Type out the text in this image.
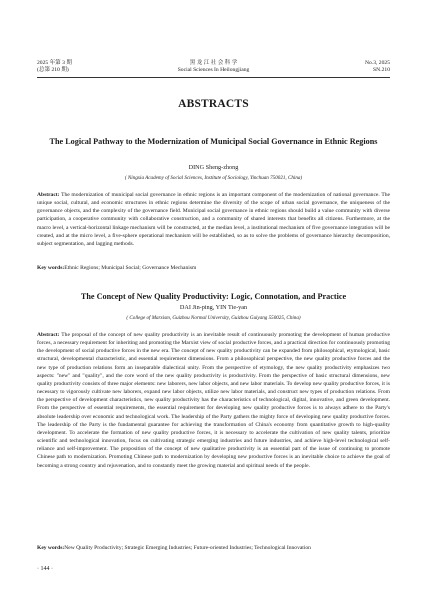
2025 年第 3 期
(总第 210 期)
黑 龙 江 社 会 科 学
Social Sciences In Heilongjiang
No.3, 2025
SN.210
ABSTRACTS
The Logical Pathway to the Modernization of Municipal Social Governance in Ethnic Regions
DING Sheng-zhong
( Ningxia Academy of Social Sciences, Institute of Sociology, Yinchuan 750021, China)
Abstract: The modernization of municipal social governance in ethnic regions is an important component of the modernization of national governance. The unique social, cultural, and economic structures in ethnic regions determine the diversity of the scope of urban social governance, the uniqueness of the governance objects, and the complexity of the governance field. Municipal social governance in ethnic regions should build a value community with diverse participation, a cooperative community with collaborative construction, and a community of shared interests that benefits all citizens. Furthermore, at the macro level, a vertical-horizontal linkage mechanism will be constructed, at the median level, a institutional mechanism of five governance integration will be created, and at the micro level, a five-sphere operational mechanism will be established, so as to solve the problems of governance hierarchy decomposition, subject segmentation, and lagging methods.
Key words:Ethnic Regions; Municipal Social; Governance Mechanism
The Concept of New Quality Productivity: Logic, Connotation, and Practice
DAI Jin-ping, YIN Tie-yan
( College of Marxism, Guizhou Normal University, Guizhou Guiyang 550025, China)
Abstract: The proposal of the concept of new quality productivity is an inevitable result of continuously promoting the development of human productive forces, a necessary requirement for inheriting and promoting the Marxist view of social productive forces, and a practical direction for continuously promoting the development of social productive forces in the new era. The concept of new quality productivity can be expanded from philosophical, etymological, basic structural, developmental characteristic, and essential requirement dimensions. From a philosophical perspective, the new quality productive forces and the new type of production relations form an inseparable dialectical unity. From the perspective of etymology, the new quality productivity emphasizes two aspects: "new" and "quality", and the core word of the new quality productivity is productivity. From the perspective of basic structural dimensions, new quality productivity consists of three major elements: new laborers, new labor objects, and new labor materials. To develop new quality productive forces, it is necessary to vigorously cultivate new laborers, expand new labor objects, utilize new labor materials, and construct new types of production relations. From the perspective of development characteristics, new quality productivity has the characteristics of technological, digital, innovative, and green development. From the perspective of essential requirements, the essential requirement for developing new quality productive forces is to always adhere to the Party's absolute leadership over economic and technological work. The leadership of the Party gathers the mighty force of developing new quality productive forces. The leadership of the Party is the fundamental guarantee for achieving the transformation of China's economy from quantitative growth to high-quality development. To accelerate the formation of new quality productive forces, it is necessary to accelerate the cultivation of new quality talents, prioritize scientific and technological innovation, focus on cultivating strategic emerging industries and future industries, and achieve high-level technological self-reliance and self-improvement. The proposition of the concept of new qualitative productivity is an essential part of the issue of continuing to promote Chinese path to modernization. Promoting Chinese path to modernization by developing new productive forces is an inevitable choice to achieve the goal of becoming a strong country and rejuvenation, and to constantly meet the growing material and spiritual needs of the people.
Key words:New Quality Productivity; Strategic Emerging Industries; Future-oriented Industries; Technological Innovation
· 144 ·
